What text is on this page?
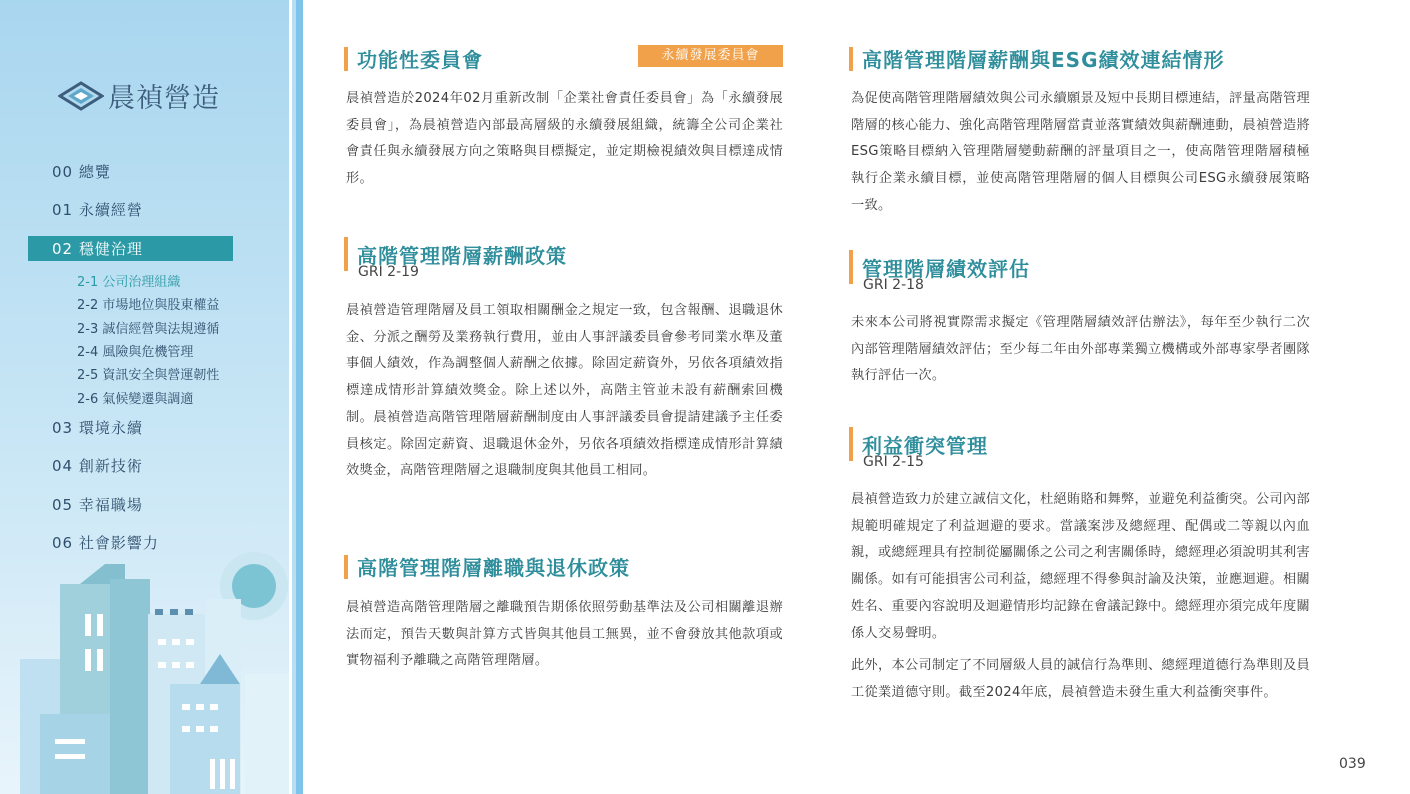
晨禎營造
00 總覽
01 永續經營
02 穩健治理
2-1 公司治理組織
2-2 市場地位與股東權益
2-3 誠信經營與法規遵循
2-4 風險與危機管理
2-5 資訊安全與營運韌性
2-6 氣候變遷與調適
03 環境永續
04 創新技術
05 幸福職場
06 社會影響力
功能性委員會	永續發展委員會
晨禎營造於2024年02月重新改制「企業社會責任委員會」為「永續發展委員會」，為晨禎營造內部最高層級的永續發展組織，統籌全公司企業社會責任與永續發展方向之策略與目標擬定，並定期檢視績效與目標達成情形。
高階管理階層薪酬政策
GRI 2-19
晨禎營造管理階層及員工領取相關酬金之規定一致，包含報酬、退職退休金、分派之酬勞及業務執行費用，並由人事評議委員會參考同業水準及董事個人績效，作為調整個人薪酬之依據。除固定薪資外，另依各項績效指標達成情形計算績效獎金。除上述以外，高階主管並未設有薪酬索回機制。晨禎營造高階管理階層薪酬制度由人事評議委員會提請建議予主任委員核定。除固定薪資、退職退休金外，另依各項績效指標達成情形計算績效獎金，高階管理階層之退職制度與其他員工相同。
高階管理階層離職與退休政策
晨禎營造高階管理階層之離職預告期係依照勞動基準法及公司相關離退辦法而定，預告天數與計算方式皆與其他員工無異，並不會發放其他款項或實物福利予離職之高階管理階層。
高階管理階層薪酬與ESG績效連結情形
為促使高階管理階層績效與公司永續願景及短中長期目標連結，評量高階管理階層的核心能力、強化高階管理階層當責並落實績效與薪酬連動，晨禎營造將ESG策略目標納入管理階層變動薪酬的評量項目之一，使高階管理階層積極執行企業永續目標，並使高階管理階層的個人目標與公司ESG永續發展策略一致。
管理階層績效評估
GRI 2-18
未來本公司將視實際需求擬定《管理階層績效評估辦法》，每年至少執行二次內部管理階層績效評估；至少每二年由外部專業獨立機構或外部專家學者團隊執行評估一次。
利益衝突管理
GRI 2-15
晨禎營造致力於建立誠信文化，杜絕賄賂和舞弊，並避免利益衝突。公司內部規範明確規定了利益迴避的要求。當議案涉及總經理、配偶或二等親以內血親，或總經理具有控制從屬關係之公司之利害關係時，總經理必須說明其利害關係。如有可能損害公司利益，總經理不得參與討論及決策，並應迴避。相關姓名、重要內容說明及迴避情形均記錄在會議記錄中。總經理亦須完成年度關係人交易聲明。
此外，本公司制定了不同層級人員的誠信行為準則、總經理道德行為準則及員工從業道德守則。截至2024年底，晨禎營造未發生重大利益衝突事件。
039
